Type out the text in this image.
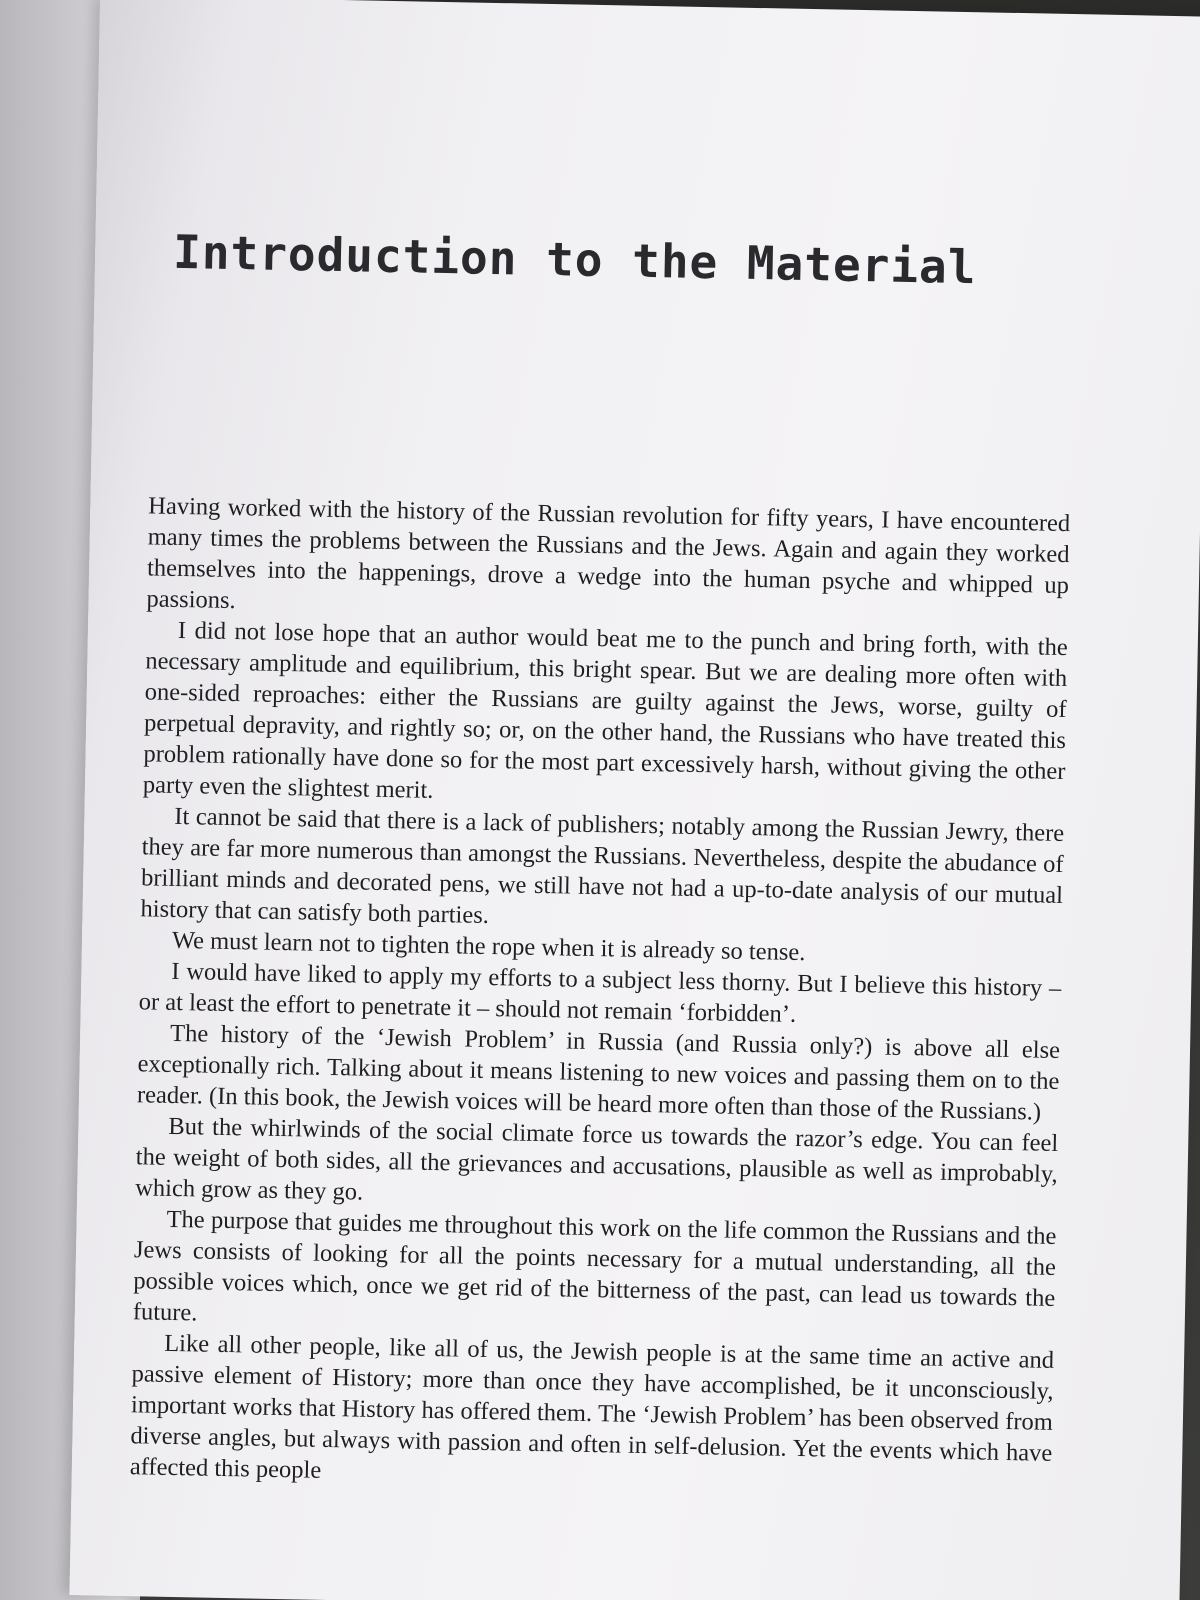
Introduction to the Material

Having worked with the history of the Russian revolution for fifty years, I have encountered many times the problems between the Russians and the Jews. Again and again they worked themselves into the happenings, drove a wedge into the human psyche and whipped up passions.

I did not lose hope that an author would beat me to the punch and bring forth, with the necessary amplitude and equilibrium, this bright spear. But we are dealing more often with one-sided reproaches: either the Russians are guilty against the Jews, worse, guilty of perpetual depravity, and rightly so; or, on the other hand, the Russians who have treated this problem rationally have done so for the most part excessively harsh, without giving the other party even the slightest merit.

It cannot be said that there is a lack of publishers; notably among the Russian Jewry, there they are far more numerous than amongst the Russians. Nevertheless, despite the abudance of brilliant minds and decorated pens, we still have not had a up-to-date analysis of our mutual history that can satisfy both parties.

We must learn not to tighten the rope when it is already so tense.

I would have liked to apply my efforts to a subject less thorny. But I believe this history – or at least the effort to penetrate it – should not remain ‘forbidden’.

The history of the ‘Jewish Problem’ in Russia (and Russia only?) is above all else exceptionally rich. Talking about it means listening to new voices and passing them on to the reader. (In this book, the Jewish voices will be heard more often than those of the Russians.)

But the whirlwinds of the social climate force us towards the razor’s edge. You can feel the weight of both sides, all the grievances and accusations, plausible as well as improbably, which grow as they go.

The purpose that guides me throughout this work on the life common the Russians and the Jews consists of looking for all the points necessary for a mutual understanding, all the possible voices which, once we get rid of the bitterness of the past, can lead us towards the future.

Like all other people, like all of us, the Jewish people is at the same time an active and passive element of History; more than once they have accomplished, be it unconsciously, important works that History has offered them. The ‘Jewish Problem’ has been observed from diverse angles, but always with passion and often in self-delusion. Yet the events which have affected this people
